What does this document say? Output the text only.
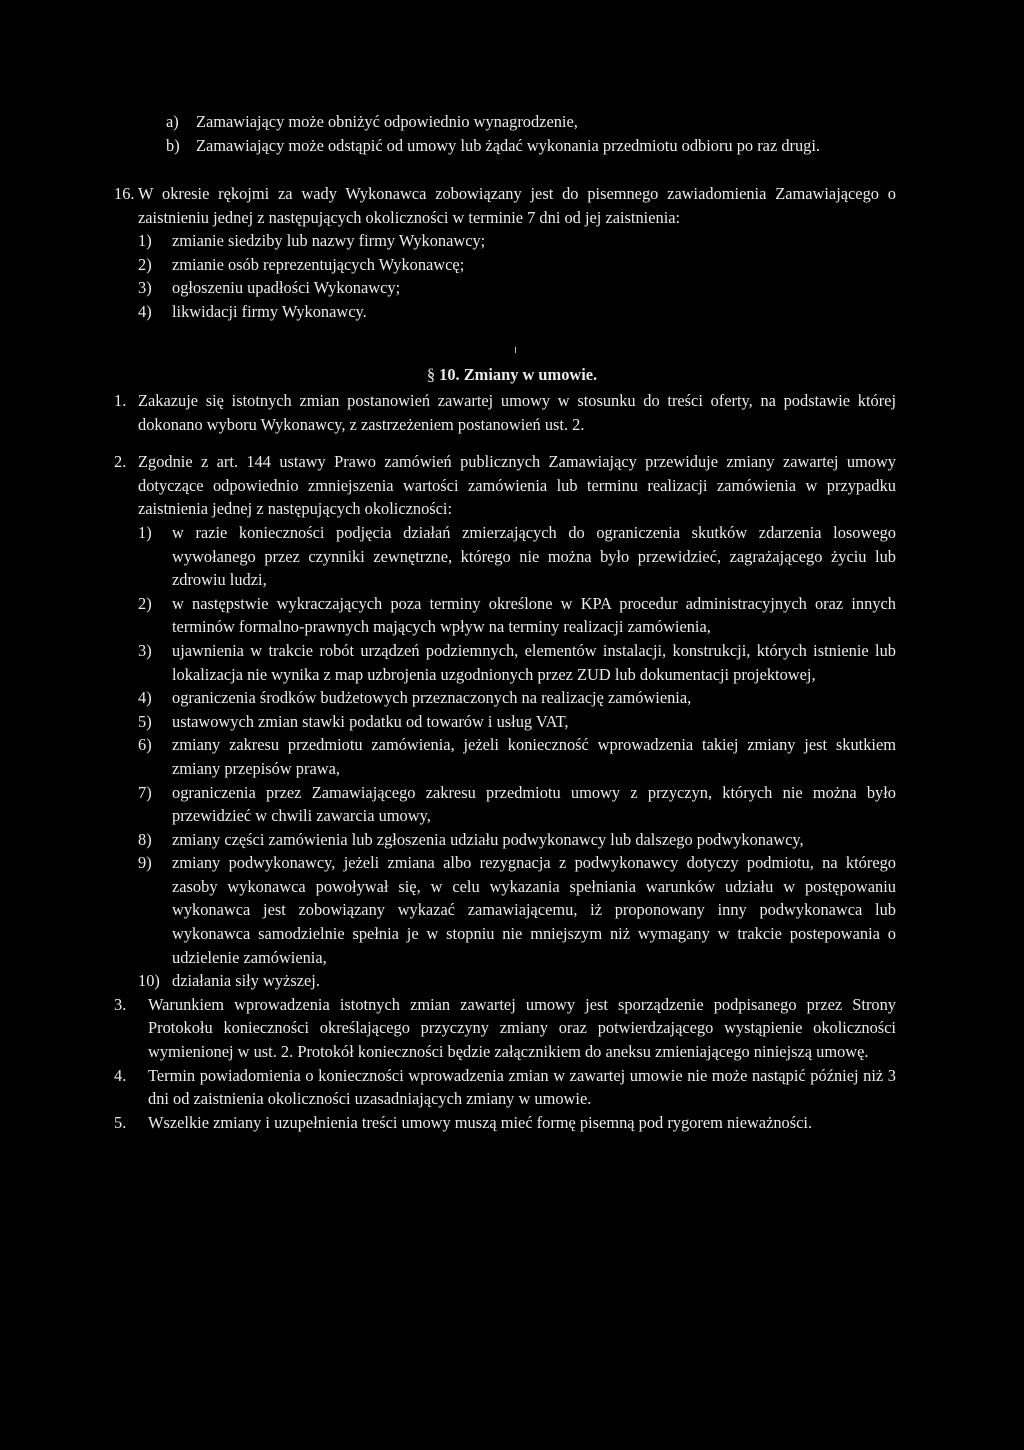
a)	Zamawiający może obniżyć odpowiednio wynagrodzenie,
b) Zamawiający może odstąpić od umowy lub żądać wykonania przedmiotu odbioru po raz drugi.
16. W okresie rękojmi za wady Wykonawca zobowiązany jest do pisemnego zawiadomienia Zamawiającego o zaistnieniu jednej z następujących okoliczności w terminie 7 dni od jej zaistnienia:
1)	zmianie siedziby lub nazwy firmy Wykonawcy;
2)	zmianie osób reprezentujących Wykonawcę;
3)	ogłoszeniu upadłości Wykonawcy;
4)	likwidacji firmy Wykonawcy.
§ 10. Zmiany w umowie.
1. Zakazuje się istotnych zmian postanowień zawartej umowy w stosunku do treści oferty, na podstawie której dokonano wyboru Wykonawcy, z zastrzeżeniem postanowień ust. 2.
2. Zgodnie z art. 144 ustawy Prawo zamówień publicznych Zamawiający przewiduje zmiany zawartej umowy dotyczące odpowiednio zmniejszenia wartości zamówienia lub terminu realizacji zamówienia w przypadku zaistnienia jednej z następujących okoliczności:
1)	w razie konieczności podjęcia działań zmierzających do ograniczenia skutków zdarzenia losowego wywołanego przez czynniki zewnętrzne, którego nie można było przewidzieć, zagrażającego życiu lub zdrowiu ludzi,
2)	w następstwie wykraczających poza terminy określone w KPA procedur administracyjnych oraz innych terminów formalno-prawnych mających wpływ na terminy realizacji zamówienia,
3)	ujawnienia w trakcie robót urządzeń podziemnych, elementów instalacji, konstrukcji, których istnienie lub lokalizacja nie wynika z map uzbrojenia uzgodnionych przez ZUD lub dokumentacji projektowej,
4)	ograniczenia środków budżetowych przeznaczonych na realizację zamówienia,
5)	ustawowych zmian stawki podatku od towarów i usług VAT,
6)	zmiany zakresu przedmiotu zamówienia, jeżeli konieczność wprowadzenia takiej zmiany jest skutkiem zmiany przepisów prawa,
7)	ograniczenia przez Zamawiającego zakresu przedmiotu umowy z przyczyn, których nie można było przewidzieć w chwili zawarcia umowy,
8)	zmiany części zamówienia lub zgłoszenia udziału podwykonawcy lub dalszego podwykonawcy,
9)	zmiany podwykonawcy, jeżeli zmiana albo rezygnacja z podwykonawcy dotyczy podmiotu, na którego zasoby wykonawca powoływał się, w celu wykazania spełniania warunków udziału w postępowaniu wykonawca jest zobowiązany wykazać zamawiającemu, iż proponowany inny podwykonawca lub wykonawca samodzielnie spełnia je w stopniu nie mniejszym niż wymagany w trakcie postepowania o udzielenie zamówienia,
10) działania siły wyższej.
3.	Warunkiem wprowadzenia istotnych zmian zawartej umowy jest sporządzenie podpisanego przez Strony Protokołu konieczności określającego przyczyny zmiany oraz potwierdzającego wystąpienie okoliczności wymienionej w ust. 2. Protokół konieczności będzie załącznikiem do aneksu zmieniającego niniejszą umowę.
4.	Termin powiadomienia o konieczności wprowadzenia zmian w zawartej umowie nie może nastąpić później niż 3 dni od zaistnienia okoliczności uzasadniających zmiany w umowie.
5.	Wszelkie zmiany i uzupełnienia treści umowy muszą mieć formę pisemną pod rygorem nieważności.
